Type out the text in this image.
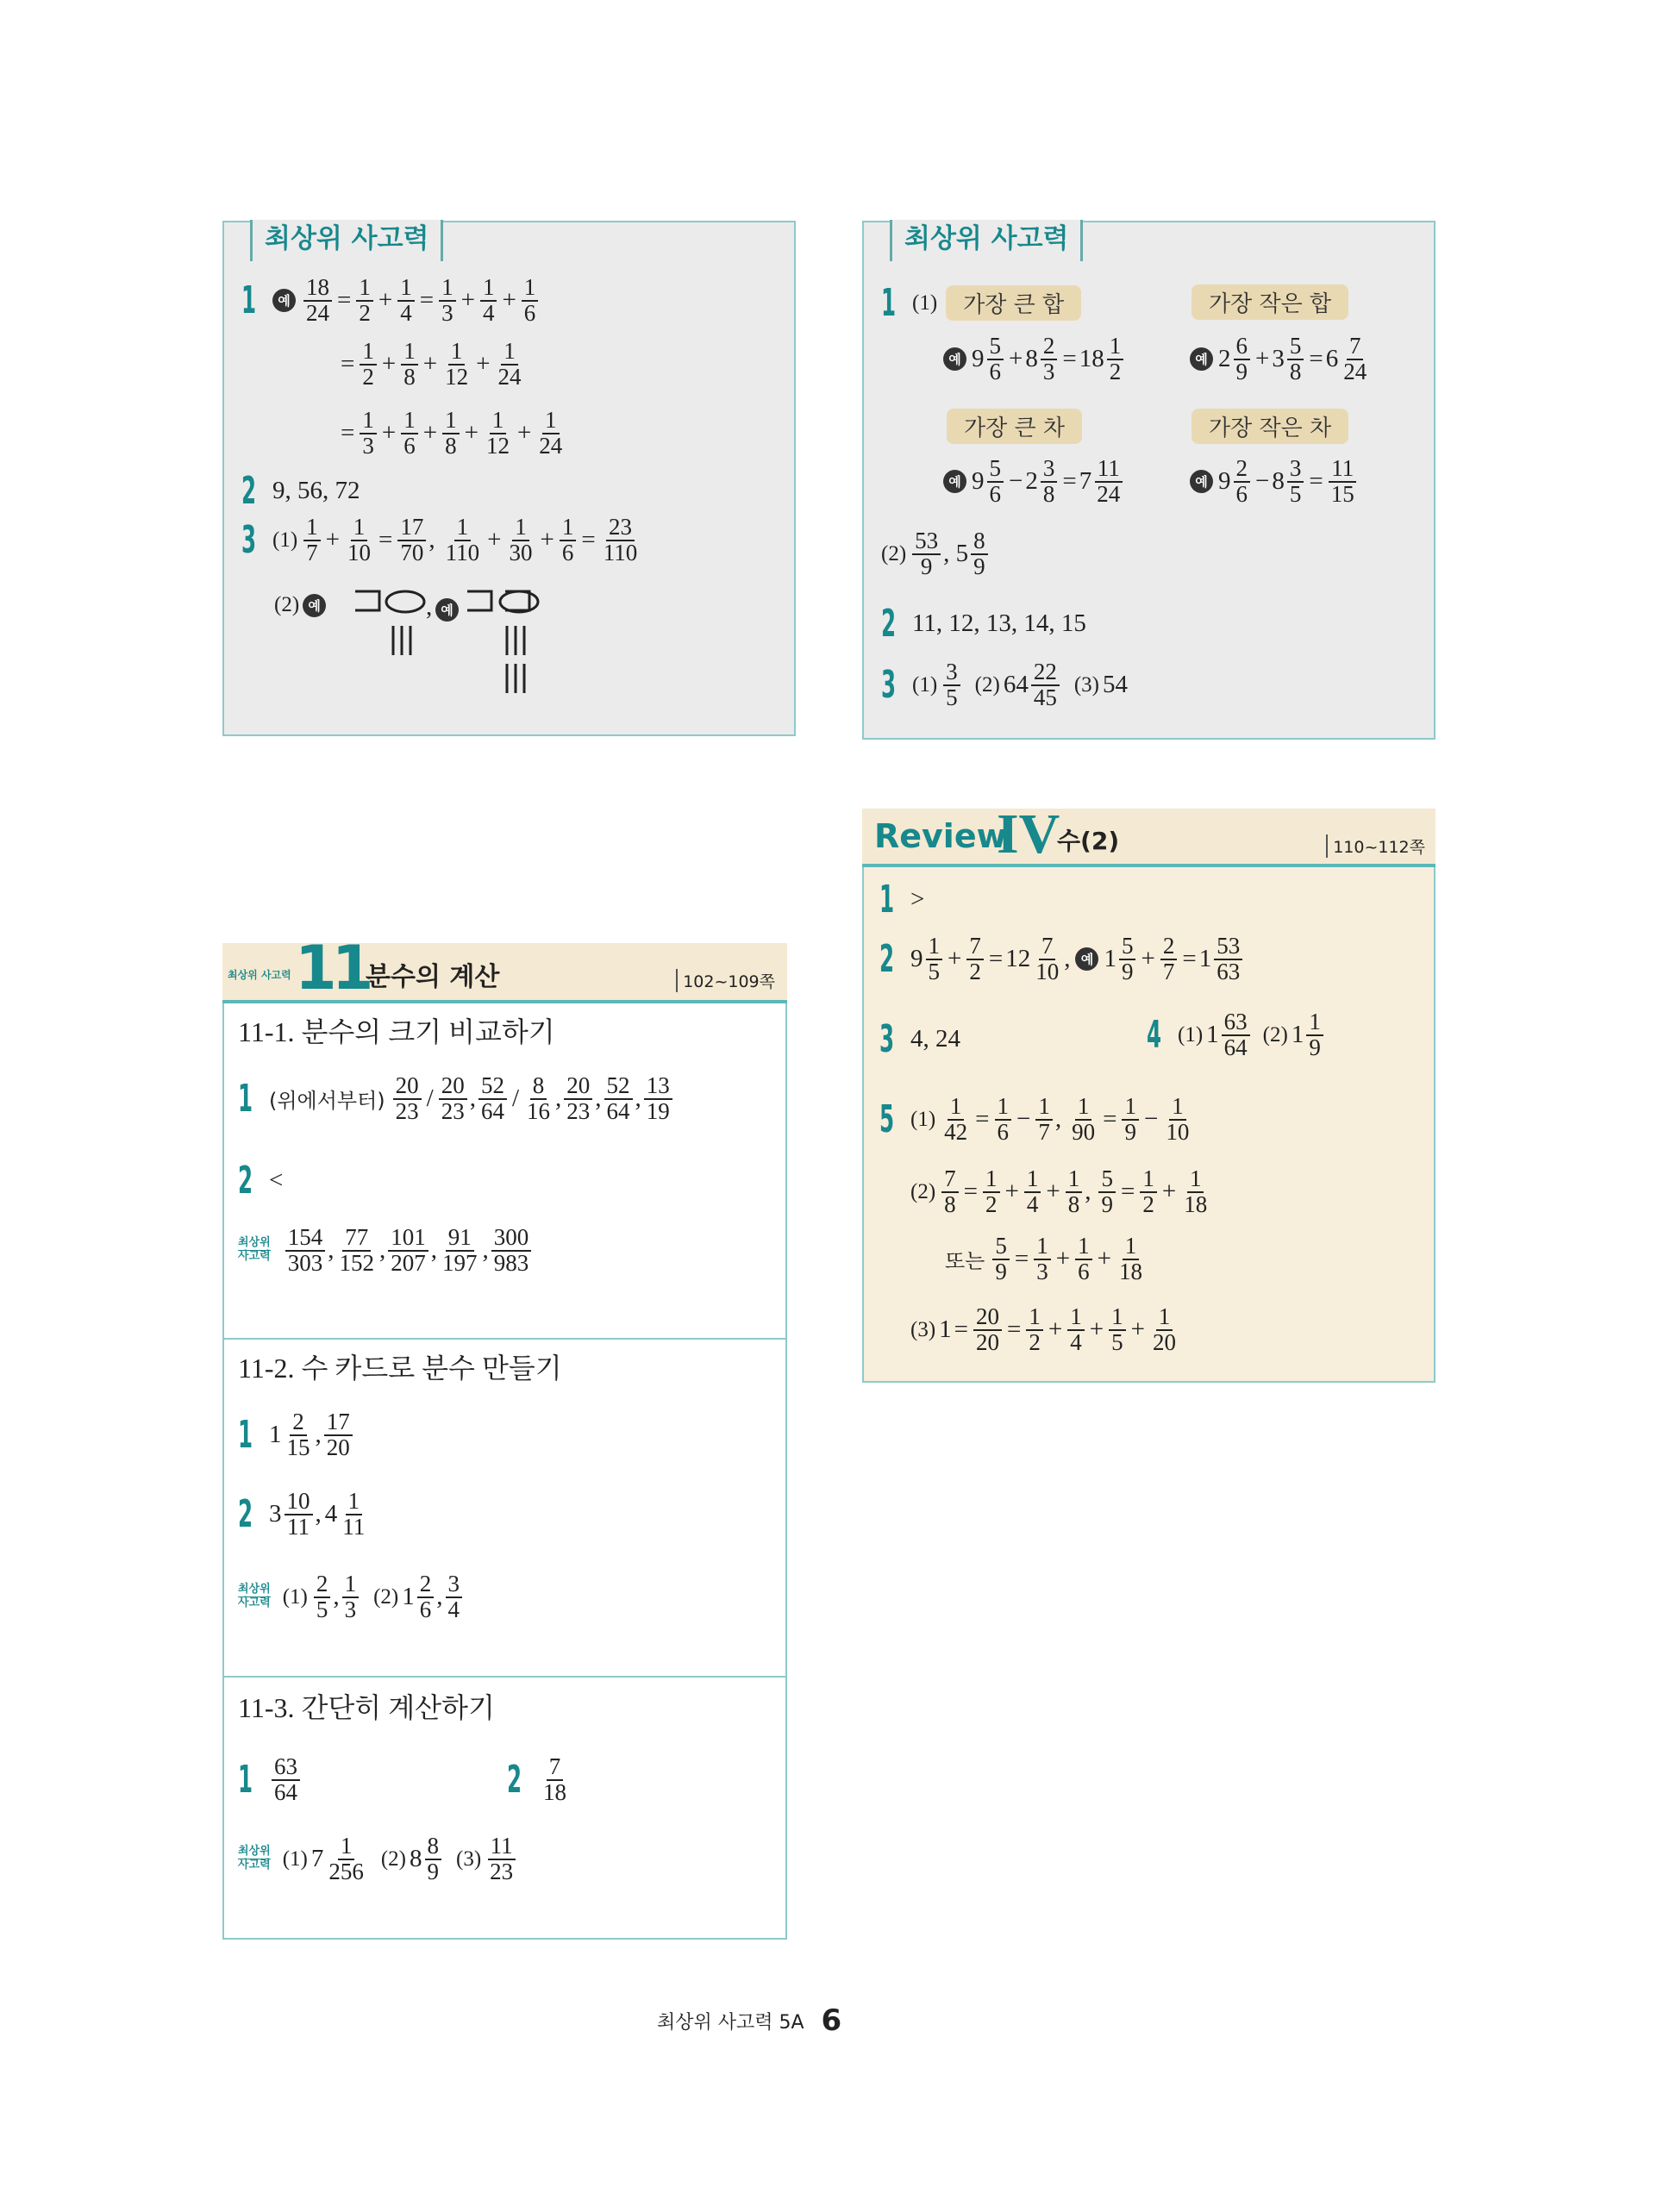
최상위 사고력
1	예 $\frac{18}{24} = \frac{1}{2} + \frac{1}{4} = \frac{1}{3} + \frac{1}{4} + \frac{1}{6}$
= $\frac{1}{2} + \frac{1}{8} + \frac{1}{12} + \frac{1}{24}$
= $\frac{1}{3} + \frac{1}{6} + \frac{1}{8} + \frac{1}{12} + \frac{1}{24}$
2 9, 56, 72
3 $(1) \frac{1}{7} + \frac{1}{10} = \frac{17}{70}$ , $\frac{1}{110} + \frac{1}{30} + \frac{1}{6} = \frac{23}{110}$
(2) 예	, 예
최상위 사고력
1 (1)	가장 큰 합	가장 작은 합
예 $9 \frac{5}{6} + 8 \frac{2}{3} = 18 \frac{1}{2}$	예 $2 \frac{6}{9} + 3 \frac{5}{8} = 6 \frac{7}{24}$
가장 큰 차	가장 작은 차
예 $9 \frac{5}{6} - 2 \frac{3}{8} = 7 \frac{11}{24}$	예 $9 \frac{2}{6} - 8 \frac{3}{5} = \frac{11}{15}$
$(2) \frac{53}{9}$ , $5 \frac{8}{9}$
2 11, 12, 13, 14, 15
3 $(1) \frac{3}{5} (2)$ $64 \frac{22}{45} (3)$ 54
Review
IV
수(2)	110~112쪽
1 >
2 $9 \frac{1}{5} + \frac{7}{2} = 12 \frac{7}{10}$ , 예 $1 \frac{5}{9} + \frac{2}{7} = 1 \frac{53}{63}$
3 4, 24	4 (1) $1 \frac{63}{64} (2)$ $1 \frac{1}{9}$
5 $(1) \frac{1}{42} = \frac{1}{6} - \frac{1}{7}$ , $\frac{1}{90} = \frac{1}{9} - \frac{1}{10}$
$(2) \frac{7}{8} = \frac{1}{2} + \frac{1}{4} + \frac{1}{8}$ , $\frac{5}{9} = \frac{1}{2} + \frac{1}{18}$
또는 $\frac{5}{9} = \frac{1}{3} + \frac{1}{6} + \frac{1}{18}$
(3) $1 = \frac{20}{20} = \frac{1}{2} + \frac{1}{4} + \frac{1}{5} + \frac{1}{20}$
최상위 사고력 11
분수의 계산	102~109쪽
11-1. 분수의 크기 비교하기
1 (위에서부터) $\frac{20}{23} / \frac{20}{23}$ , $\frac{52}{64} / \frac{8}{16}$ , $\frac{20}{23}$ , $\frac{52}{64}$ , $\frac{13}{19}$
2 <
최상위
사고력 $\frac{154}{303}$ , $\frac{77}{152}$ , $\frac{101}{207}$ , $\frac{91}{197}$ , $\frac{300}{983}$
11-2. 수 카드로 분수 만들기
1 $1 \frac{2}{15}$ , $\frac{17}{20}$
2 $3 \frac{10}{11}$ , $4 \frac{1}{11}$
최상위
사고력 $(1) \frac{2}{5}$ , $\frac{1}{3} (2)$ $1 \frac{2}{6}$ , $\frac{3}{4}$
11-3. 간단히 계산하기
$1 \frac{63}{64}$	$2 \frac{7}{18}$
최상위
사고력 (1) $7 \frac{1}{256} (2)$ $8 \frac{8}{9} (3) \frac{11}{23}$
최상위 사고력 5A 6
